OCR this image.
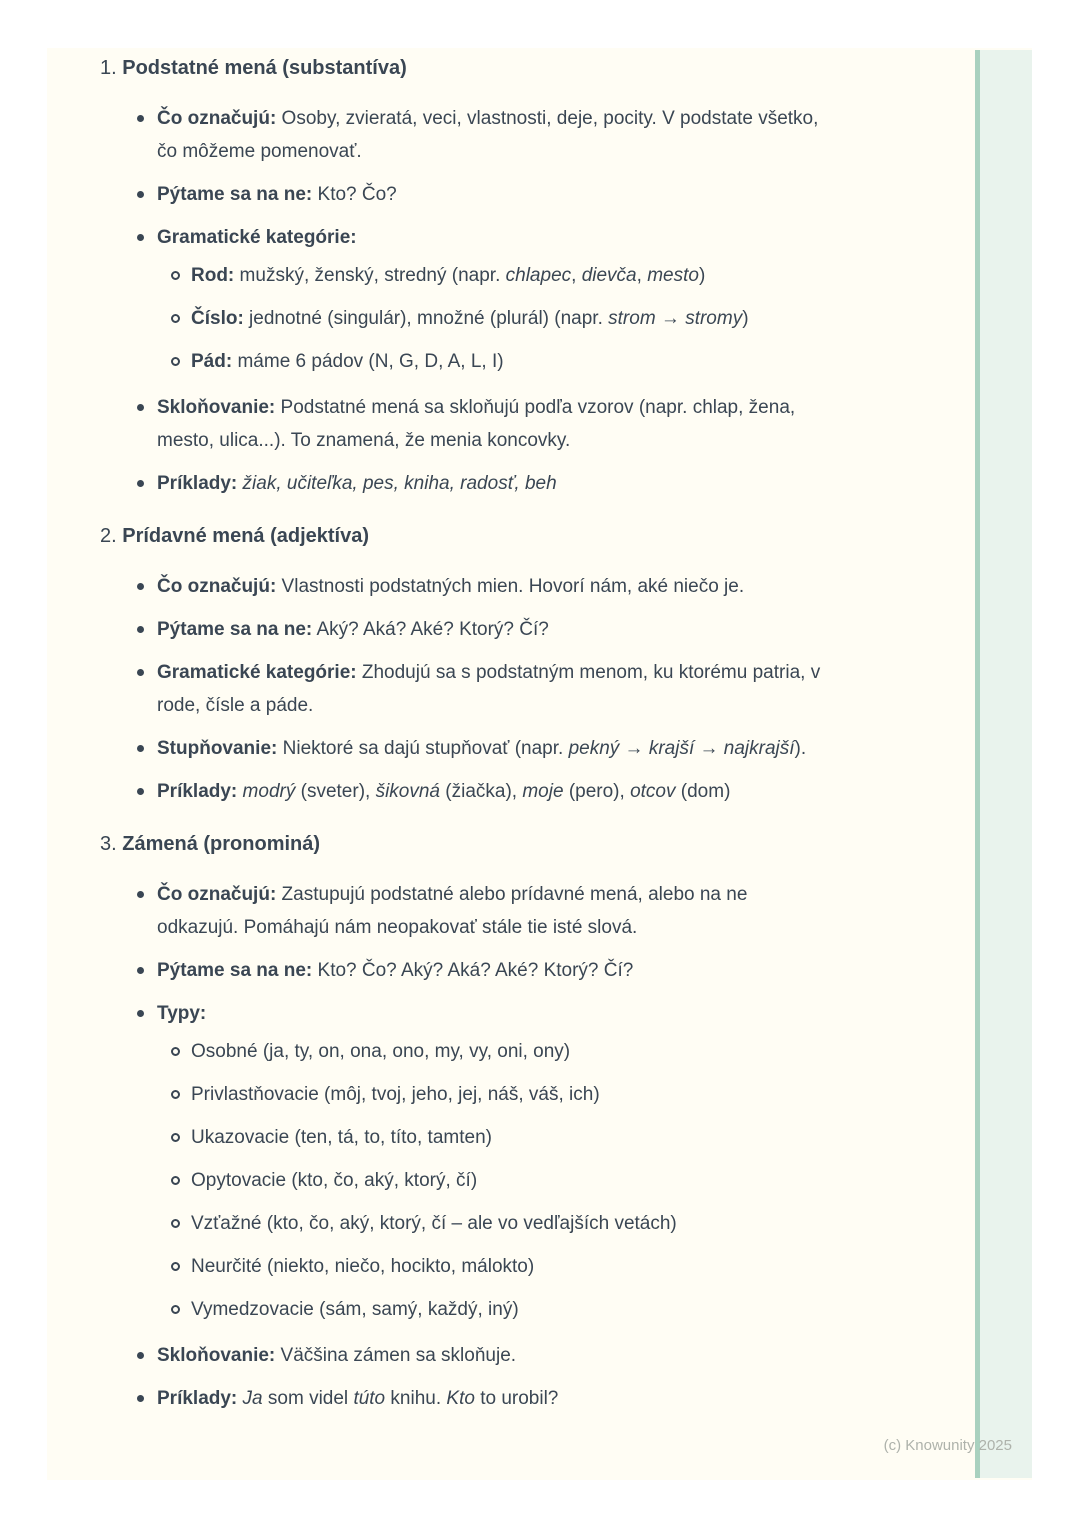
1. Podstatné mená (substantíva)
Čo označujú: Osoby, zvieratá, veci, vlastnosti, deje, pocity. V podstate všetko, čo môžeme pomenovať.
Pýtame sa na ne: Kto? Čo?
Gramatické kategórie:
Rod: mužský, ženský, stredný (napr. chlapec, dievča, mesto)
Číslo: jednotné (singulár), množné (plurál) (napr. strom → stromy)
Pád: máme 6 pádov (N, G, D, A, L, I)
Skloňovanie: Podstatné mená sa skloňujú podľa vzorov (napr. chlap, žena, mesto, ulica...). To znamená, že menia koncovky.
Príklady: žiak, učiteľka, pes, kniha, radosť, beh
2. Prídavné mená (adjektíva)
Čo označujú: Vlastnosti podstatných mien. Hovorí nám, aké niečo je.
Pýtame sa na ne: Aký? Aká? Aké? Ktorý? Čí?
Gramatické kategórie: Zhodujú sa s podstatným menom, ku ktorému patria, v rode, čísle a páde.
Stupňovanie: Niektoré sa dajú stupňovať (napr. pekný → krajší → najkrajší).
Príklady: modrý (sveter), šikovná (žiačka), moje (pero), otcov (dom)
3. Zámená (pronominá)
Čo označujú: Zastupujú podstatné alebo prídavné mená, alebo na ne odkazujú. Pomáhajú nám neopakovať stále tie isté slová.
Pýtame sa na ne: Kto? Čo? Aký? Aká? Aké? Ktorý? Čí?
Typy:
Osobné (ja, ty, on, ona, ono, my, vy, oni, ony)
Privlastňovacie (môj, tvoj, jeho, jej, náš, váš, ich)
Ukazovacie (ten, tá, to, títo, tamten)
Opytovacie (kto, čo, aký, ktorý, čí)
Vzťažné (kto, čo, aký, ktorý, čí – ale vo vedľajších vetách)
Neurčité (niekto, niečo, hocikto, málokto)
Vymedzovacie (sám, samý, každý, iný)
Skloňovanie: Väčšina zámen sa skloňuje.
Príklady: Ja som videl túto knihu. Kto to urobil?
(c) Knowunity 2025
